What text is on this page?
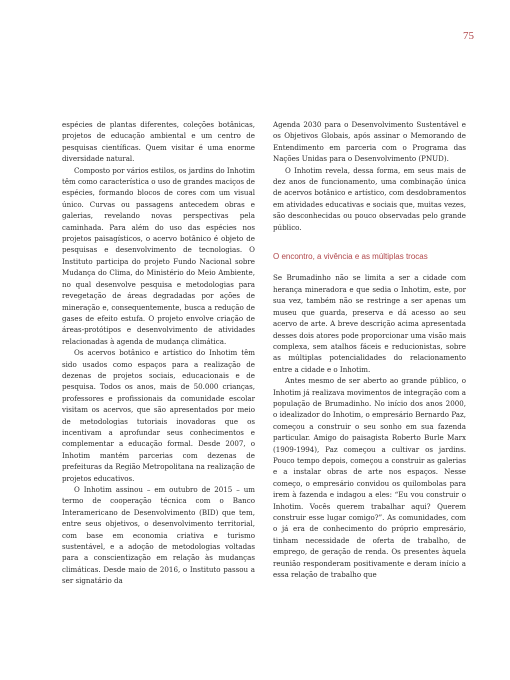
75

espécies de plantas diferentes, coleções botânicas, projetos de educação ambiental e um centro de pesquisas científicas. Quem visitar é uma enorme diversidade natural.

Composto por vários estilos, os jardins do Inhotim têm como característica o uso de grandes maciços de espécies, formando blocos de cores com um visual único. Curvas ou passagens antecedem obras e galerias, revelando novas perspectivas pela caminhada. Para além do uso das espécies nos projetos paisagísticos, o acervo botânico é objeto de pesquisas e desenvolvimento de tecnologias. O Instituto participa do projeto Fundo Nacional sobre Mudança do Clima, do Ministério do Meio Ambiente, no qual desenvolve pesquisa e metodologias para revegetação de áreas degradadas por ações de mineração e, consequentemente, busca a redução de gases de efeito estufa. O projeto envolve criação de áreas-protótipos e desenvolvimento de atividades relacionadas à agenda de mudança climática.

Os acervos botânico e artístico do Inhotim têm sido usados como espaços para a realização de dezenas de projetos sociais, educacionais e de pesquisa. Todos os anos, mais de 50.000 crianças, professores e profissionais da comunidade escolar visitam os acervos, que são apresentados por meio de metodologias tutoriais inovadoras que os incentivam a aprofundar seus conhecimentos e complementar a educação formal. Desde 2007, o Inhotim mantém parcerias com dezenas de prefeituras da Região Metropolitana na realização de projetos educativos.

O Inhotim assinou – em outubro de 2015 – um termo de cooperação técnica com o Banco Interamericano de Desenvolvimento (BID) que tem, entre seus objetivos, o desenvolvimento territorial, com base em economia criativa e turismo sustentável, e a adoção de metodologias voltadas para a conscientização em relação às mudanças climáticas. Desde maio de 2016, o Instituto passou a ser signatário da

Agenda 2030 para o Desenvolvimento Sustentável e os Objetivos Globais, após assinar o Memorando de Entendimento em parceria com o Programa das Nações Unidas para o Desenvolvimento (PNUD).

O Inhotim revela, dessa forma, em seus mais de dez anos de funcionamento, uma combinação única de acervos botânico e artístico, com desdobramentos em atividades educativas e sociais que, muitas vezes, são desconhecidas ou pouco observadas pelo grande público.

O encontro, a vivência e as múltiplas trocas

Se Brumadinho não se limita a ser a cidade com herança mineradora e que sedia o Inhotim, este, por sua vez, também não se restringe a ser apenas um museu que guarda, preserva e dá acesso ao seu acervo de arte. A breve descrição acima apresentada desses dois atores pode proporcionar uma visão mais complexa, sem atalhos fáceis e reducionistas, sobre as múltiplas potencialidades do relacionamento entre a cidade e o Inhotim.

Antes mesmo de ser aberto ao grande público, o Inhotim já realizava movimentos de integração com a população de Brumadinho. No início dos anos 2000, o idealizador do Inhotim, o empresário Bernardo Paz, começou a construir o seu sonho em sua fazenda particular. Amigo do paisagista Roberto Burle Marx (1909-1994), Paz começou a cultivar os jardins. Pouco tempo depois, começou a construir as galerias e a instalar obras de arte nos espaços. Nesse começo, o empresário convidou os quilombolas para irem à fazenda e indagou a eles: “Eu vou construir o Inhotim. Vocês querem trabalhar aqui? Querem construir esse lugar comigo?”. As comunidades, com o já era de conhecimento do próprio empresário, tinham necessidade de oferta de trabalho, de emprego, de geração de renda. Os presentes àquela reunião responderam positivamente e deram início a essa relação de trabalho que
